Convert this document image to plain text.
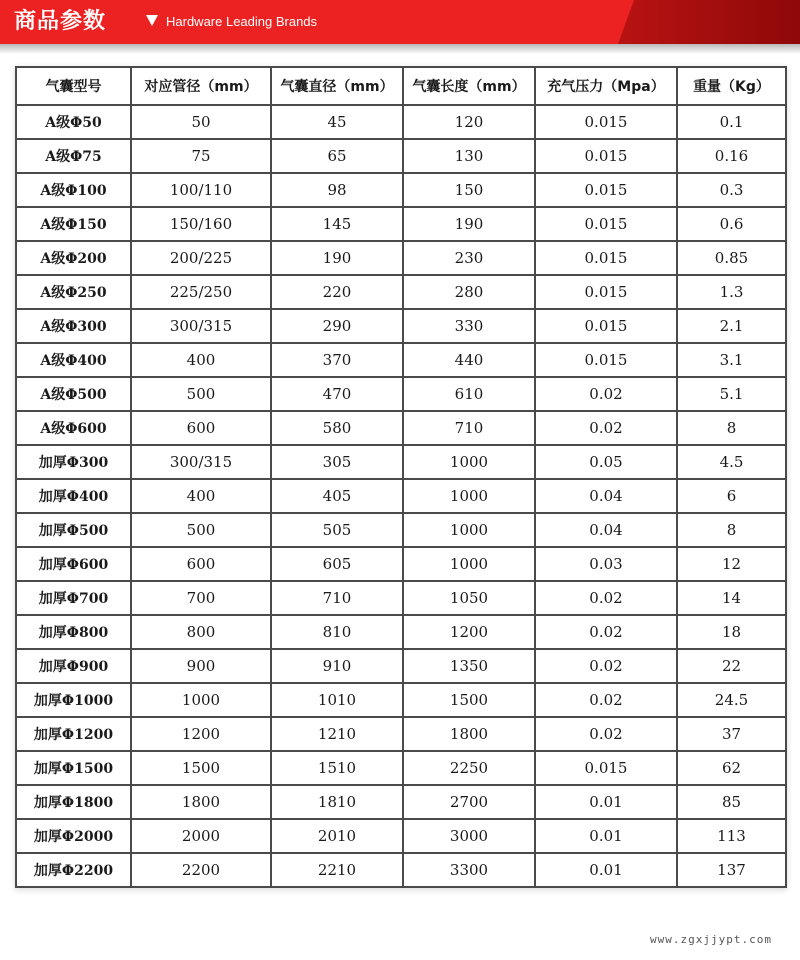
商品参数	Hardware Leading Brands
气囊型号	对应管径（mm）	气囊直径（mm）	气囊长度（mm）	充气压力（Mpa）	重量（Kg）
A级Φ50	50	45	120	0.015	0.1
A级Φ75	75	65	130	0.015	0.16
A级Φ100	100/110	98	150	0.015	0.3
A级Φ150	150/160	145	190	0.015	0.6
A级Φ200	200/225	190	230	0.015	0.85
A级Φ250	225/250	220	280	0.015	1.3
A级Φ300	300/315	290	330	0.015	2.1
A级Φ400	400	370	440	0.015	3.1
A级Φ500	500	470	610	0.02	5.1
A级Φ600	600	580	710	0.02	8
加厚Φ300	300/315	305	1000	0.05	4.5
加厚Φ400	400	405	1000	0.04	6
加厚Φ500	500	505	1000	0.04	8
加厚Φ600	600	605	1000	0.03	12
加厚Φ700	700	710	1050	0.02	14
加厚Φ800	800	810	1200	0.02	18
加厚Φ900	900	910	1350	0.02	22
加厚Φ1000	1000	1010	1500	0.02	24.5
加厚Φ1200	1200	1210	1800	0.02	37
加厚Φ1500	1500	1510	2250	0.015	62
加厚Φ1800	1800	1810	2700	0.01	85
加厚Φ2000	2000	2010	3000	0.01	113
加厚Φ2200	2200	2210	3300	0.01	137
www.zgxjjypt.com
